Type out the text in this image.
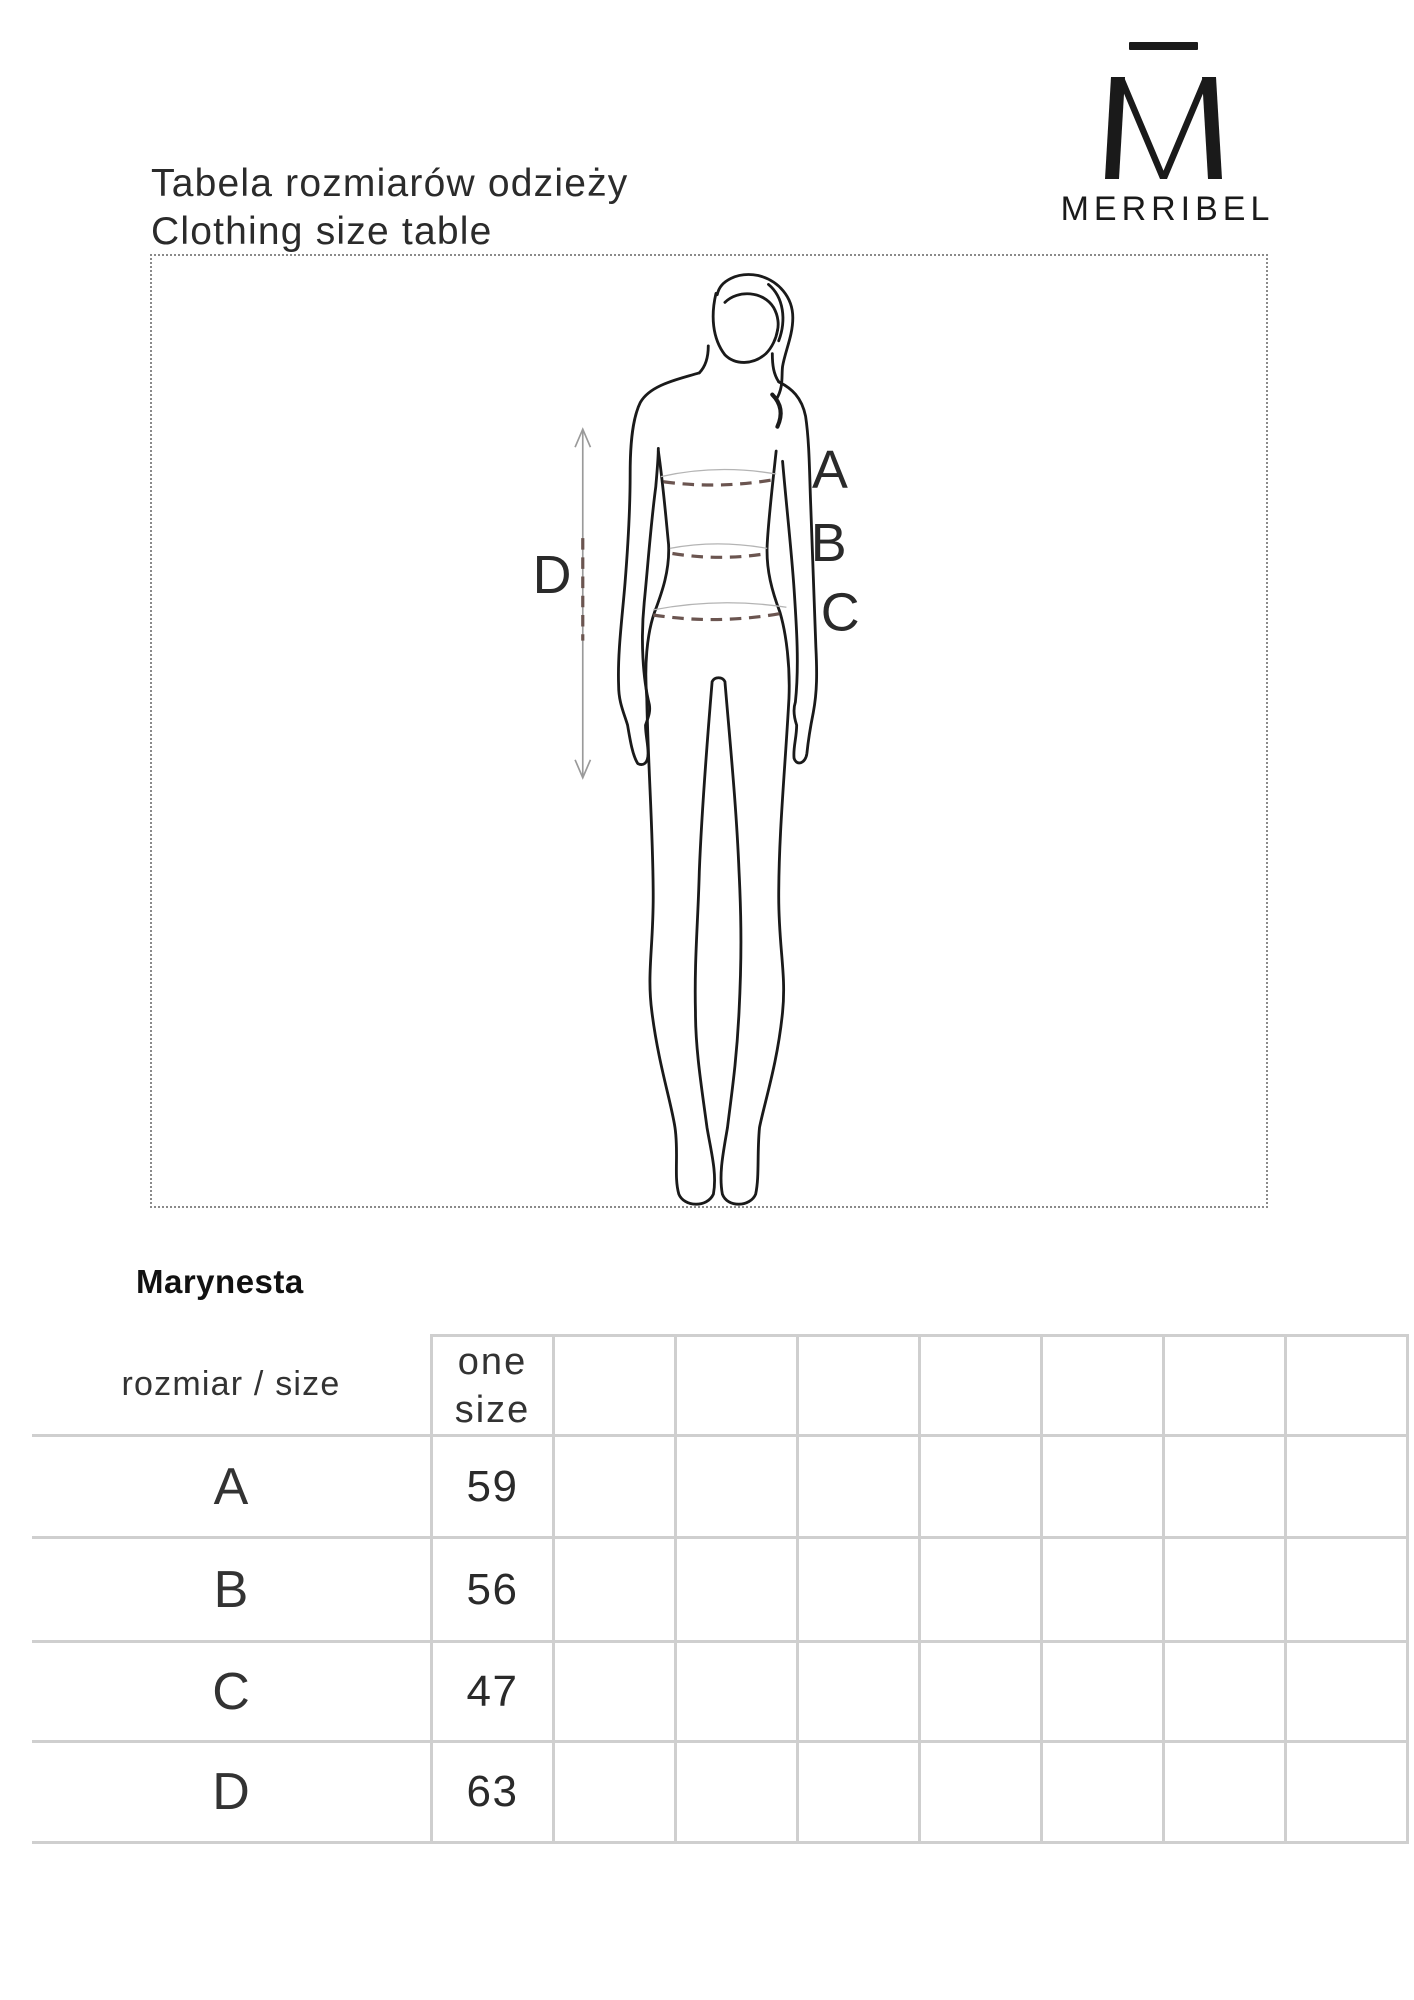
MERRIBEL
Tabela rozmiarów odzieży
Clothing size table
A
B
C
D
Marynesta
rozmiar / size	one size							
A	59							
B	56							
C	47							
D	63							
